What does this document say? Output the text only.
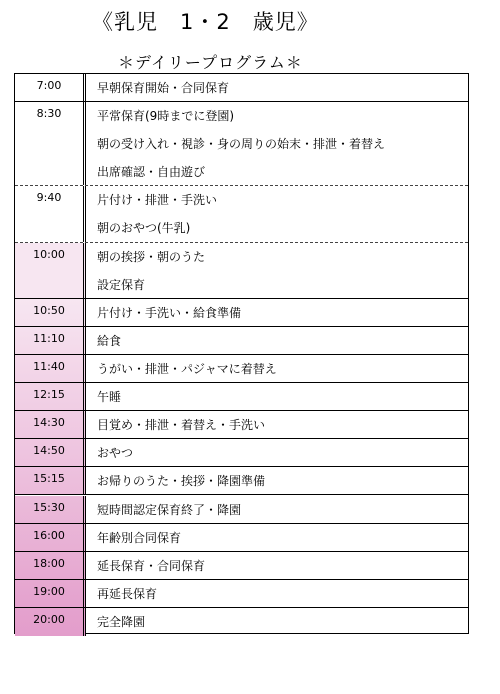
《乳児　1・2　歳児》
＊デイリープログラム＊
7:00	早朝保育開始・合同保育
8:30	平常保育(9時までに登園)
朝の受け入れ・視診・身の周りの始末・排泄・着替え
出席確認・自由遊び
9:40	片付け・排泄・手洗い
朝のおやつ(牛乳)
10:00	朝の挨拶・朝のうた
設定保育
10:50	片付け・手洗い・給食準備
11:10	給食
11:40	うがい・排泄・パジャマに着替え
12:15	午睡
14:30	目覚め・排泄・着替え・手洗い
14:50	おやつ
15:15	お帰りのうた・挨拶・降園準備
15:30	短時間認定保育終了・降園
16:00	年齢別合同保育
18:00	延長保育・合同保育
19:00	再延長保育
20:00	完全降園
